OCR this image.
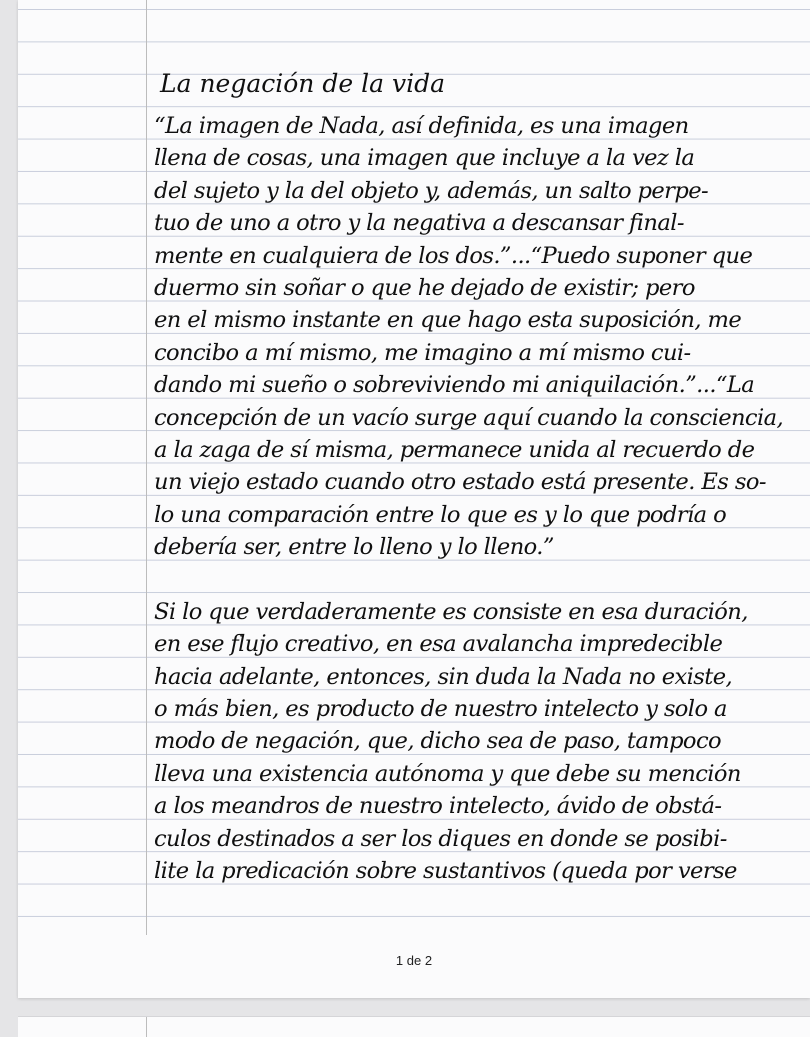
La negación de la vida
“La imagen de Nada, así definida, es una imagen
llena de cosas, una imagen que incluye a la vez la
del sujeto y la del objeto y, además, un salto perpe-
tuo de uno a otro y la negativa a descansar final-
mente en cualquiera de los dos.”...“Puedo suponer que
duermo sin soñar o que he dejado de existir; pero
en el mismo instante en que hago esta suposición, me
concibo a mí mismo, me imagino a mí mismo cui-
dando mi sueño o sobreviviendo mi aniquilación.”...“La
concepción de un vacío surge aquí cuando la consciencia,
a la zaga de sí misma, permanece unida al recuerdo de
un viejo estado cuando otro estado está presente. Es so-
lo una comparación entre lo que es y lo que podría o
debería ser, entre lo lleno y lo lleno.”
Si lo que verdaderamente es consiste en esa duración,
en ese flujo creativo, en esa avalancha impredecible
hacia adelante, entonces, sin duda la Nada no existe,
o más bien, es producto de nuestro intelecto y solo a
modo de negación, que, dicho sea de paso, tampoco
lleva una existencia autónoma y que debe su mención
a los meandros de nuestro intelecto, ávido de obstá-
culos destinados a ser los diques en donde se posibi-
lite la predicación sobre sustantivos (queda por verse
1 de 2
